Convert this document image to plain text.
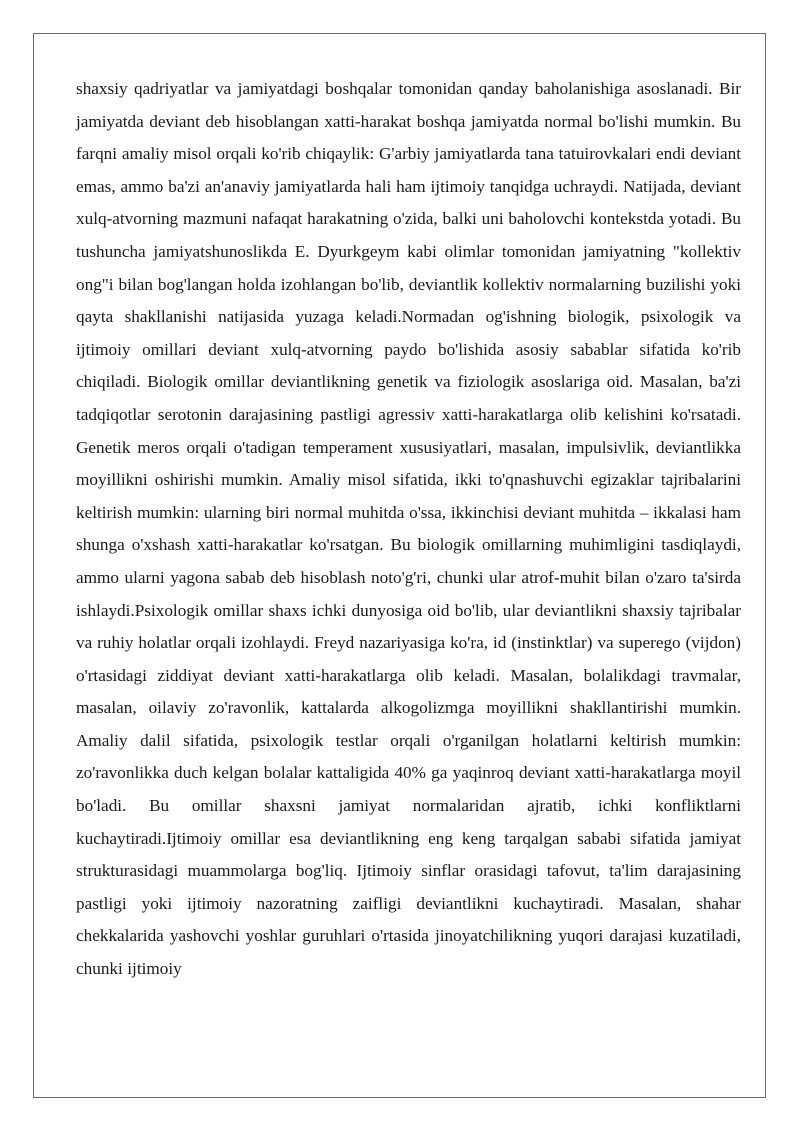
shaxsiy qadriyatlar va jamiyatdagi boshqalar tomonidan qanday baholanishiga asoslanadi. Bir jamiyatda deviant deb hisoblangan xatti-harakat boshqa jamiyatda normal bo'lishi mumkin. Bu farqni amaliy misol orqali ko'rib chiqaylik: G'arbiy jamiyatlarda tana tatuirovkalari endi deviant emas, ammo ba'zi an'anaviy jamiyatlarda hali ham ijtimoiy tanqidga uchraydi. Natijada, deviant xulq-atvorning mazmuni nafaqat harakatning o'zida, balki uni baholovchi kontekstda yotadi. Bu tushuncha jamiyatshunoslikda E. Dyurkgeym kabi olimlar tomonidan jamiyatning "kollektiv ong"i bilan bog'langan holda izohlangan bo'lib, deviantlik kollektiv normalarning buzilishi yoki qayta shakllanishi natijasida yuzaga keladi.Normadan og'ishning biologik, psixologik va ijtimoiy omillari deviant xulq-atvorning paydo bo'lishida asosiy sabablar sifatida ko'rib chiqiladi. Biologik omillar deviantlikning genetik va fiziologik asoslariga oid. Masalan, ba'zi tadqiqotlar serotonin darajasining pastligi agressiv xatti-harakatlarga olib kelishini ko'rsatadi. Genetik meros orqali o'tadigan temperament xususiyatlari, masalan, impulsivlik, deviantlikka moyillikni oshirishi mumkin. Amaliy misol sifatida, ikki to'qnashuvchi egizaklar tajribalarini keltirish mumkin: ularning biri normal muhitda o'ssa, ikkinchisi deviant muhitda – ikkalasi ham shunga o'xshash xatti-harakatlar ko'rsatgan. Bu biologik omillarning muhimligini tasdiqlaydi, ammo ularni yagona sabab deb hisoblash noto'g'ri, chunki ular atrof-muhit bilan o'zaro ta'sirda ishlaydi.Psixologik omillar shaxs ichki dunyosiga oid bo'lib, ular deviantlikni shaxsiy tajribalar va ruhiy holatlar orqali izohlaydi. Freyd nazariyasiga ko'ra, id (instinktlar) va superego (vijdon) o'rtasidagi ziddiyat deviant xatti-harakatlarga olib keladi. Masalan, bolalikdagi travmalar, masalan, oilaviy zo'ravonlik, kattalarda alkogolizmga moyillikni shakllantirishi mumkin. Amaliy dalil sifatida, psixologik testlar orqali o'rganilgan holatlarni keltirish mumkin: zo'ravonlikka duch kelgan bolalar kattaligida 40% ga yaqinroq deviant xatti-harakatlarga moyil bo'ladi. Bu omillar shaxsni jamiyat normalaridan ajratib, ichki konfliktlarni kuchaytiradi.Ijtimoiy omillar esa deviantlikning eng keng tarqalgan sababi sifatida jamiyat strukturasidagi muammolarga bog'liq. Ijtimoiy sinflar orasidagi tafovut, ta'lim darajasining pastligi yoki ijtimoiy nazoratning zaifligi deviantlikni kuchaytiradi. Masalan, shahar chekkalarida yashovchi yoshlar guruhlari o'rtasida jinoyatchilikning yuqori darajasi kuzatiladi, chunki ijtimoiy
